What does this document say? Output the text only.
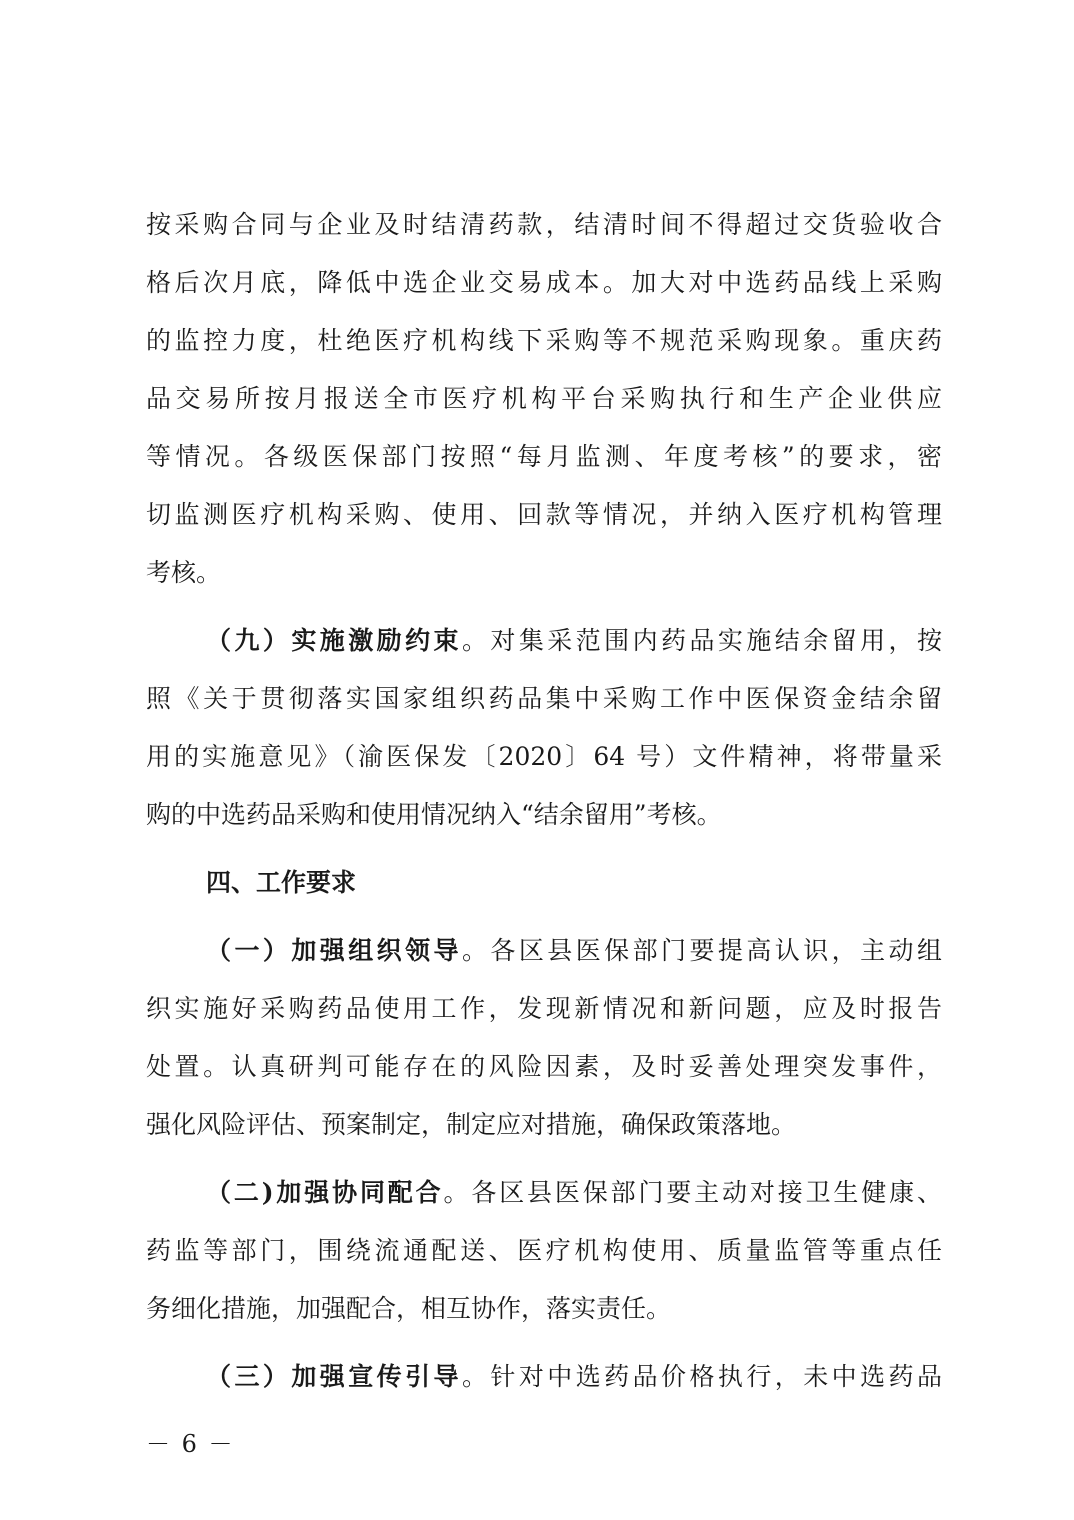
按采购合同与企业及时结清药款，结清时间不得超过交货验收合
格后次月底，降低中选企业交易成本。加大对中选药品线上采购
的监控力度，杜绝医疗机构线下采购等不规范采购现象。重庆药
品交易所按月报送全市医疗机构平台采购执行和生产企业供应
等情况。各级医保部门按照“每月监测、年度考核”的要求，密
切监测医疗机构采购、使用、回款等情况，并纳入医疗机构管理
考核。
（九）实施激励约束。对集采范围内药品实施结余留用，按
照《关于贯彻落实国家组织药品集中采购工作中医保资金结余留
用的实施意见》（渝医保发〔2020〕64 号）文件精神，将带量采
购的中选药品采购和使用情况纳入“结余留用”考核。
四、工作要求
（一）加强组织领导。各区县医保部门要提高认识，主动组
织实施好采购药品使用工作，发现新情况和新问题，应及时报告
处置。认真研判可能存在的风险因素，及时妥善处理突发事件，
强化风险评估、预案制定，制定应对措施，确保政策落地。
（二)加强协同配合。各区县医保部门要主动对接卫生健康、
药监等部门，围绕流通配送、医疗机构使用、质量监管等重点任
务细化措施，加强配合，相互协作，落实责任。
（三）加强宣传引导。针对中选药品价格执行，未中选药品
－ 6 －
